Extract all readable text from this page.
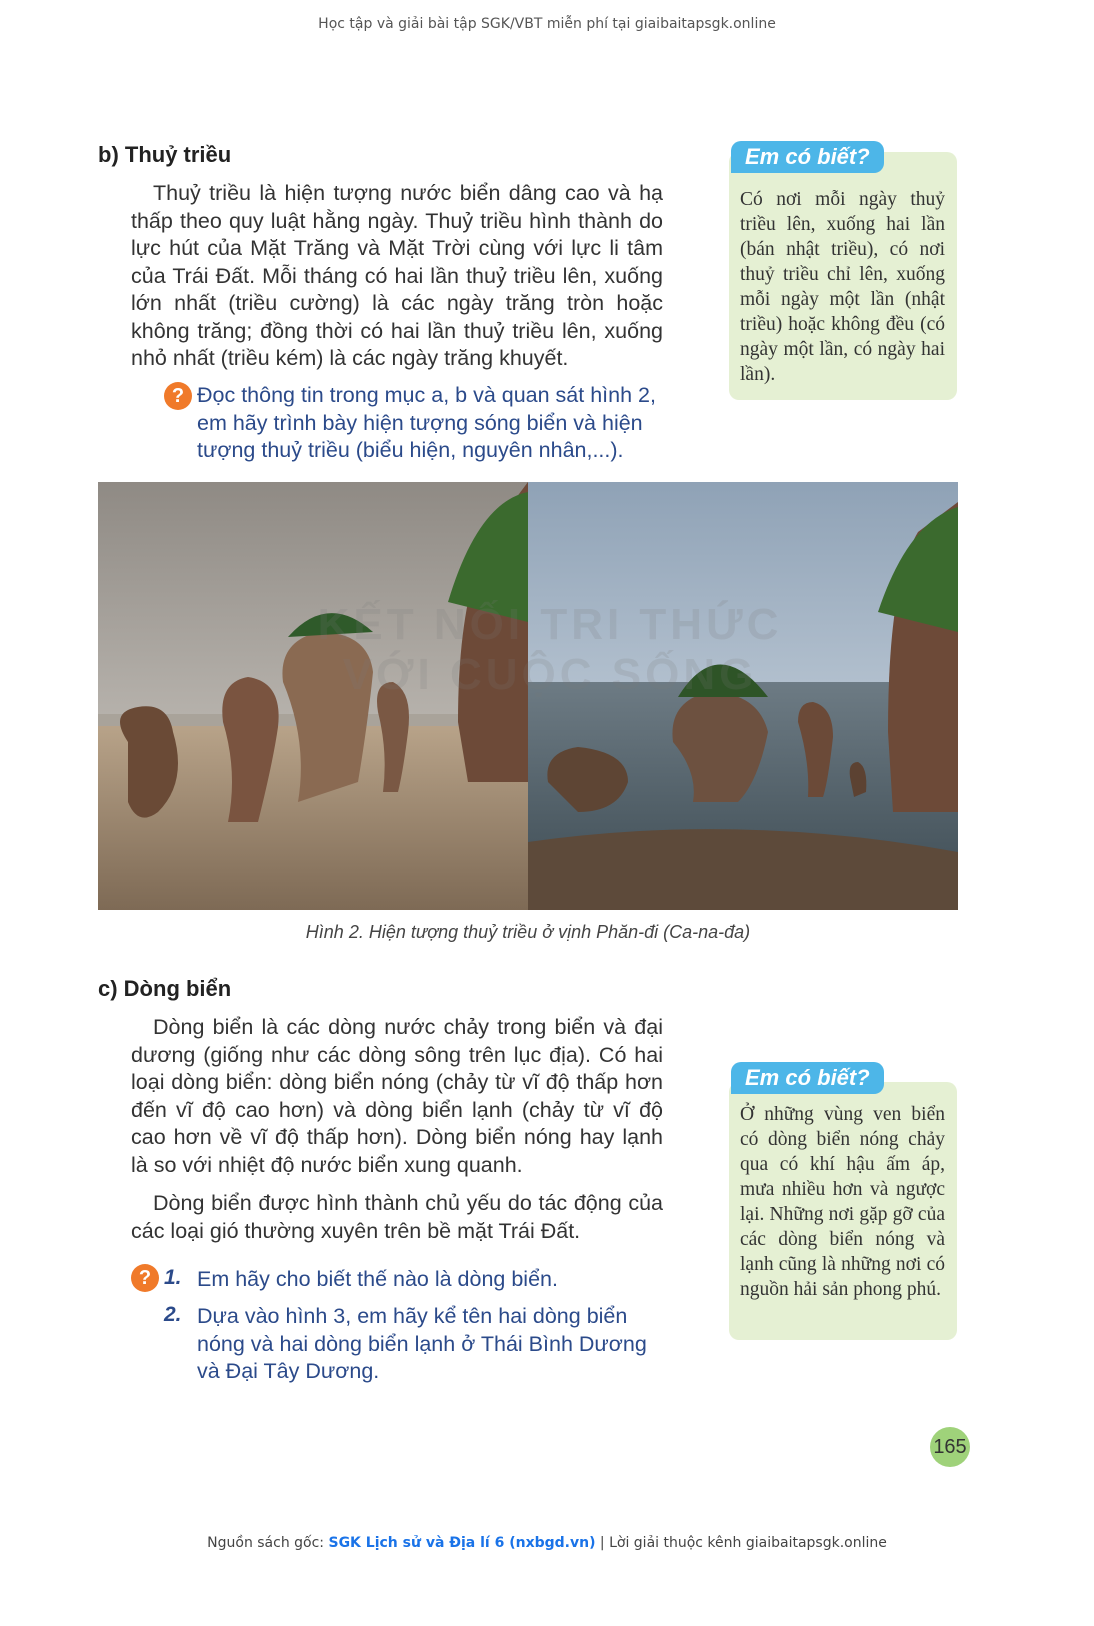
Học tập và giải bài tập SGK/VBT miễn phí tại giaibaitapsgk.online
b) Thuỷ triều

Thuỷ triều là hiện tượng nước biển dâng cao và hạ thấp theo quy luật hằng ngày. Thuỷ triều hình thành do lực hút của Mặt Trăng và Mặt Trời cùng với lực li tâm của Trái Đất. Mỗi tháng có hai lần thuỷ triều lên, xuống lớn nhất (triều cường) là các ngày trăng tròn hoặc không trăng; đồng thời có hai lần thuỷ triều lên, xuống nhỏ nhất (triều kém) là các ngày trăng khuyết.

? Đọc thông tin trong mục a, b và quan sát hình 2, em hãy trình bày hiện tượng sóng biển và hiện tượng thuỷ triều (biểu hiện, nguyên nhân,...).
Em có biết?
Có nơi mỗi ngày thuỷ triều lên, xuống hai lần (bán nhật triều), có nơi thuỷ triều chỉ lên, xuống mỗi ngày một lần (nhật triều) hoặc không đều (có ngày một lần, có ngày hai lần).
KẾT NỐI TRI THỨC
VỚI CUỘC SỐNG
Hình 2. Hiện tượng thuỷ triều ở vịnh Phăn-đi (Ca-na-đa)
c) Dòng biển

Dòng biển là các dòng nước chảy trong biển và đại dương (giống như các dòng sông trên lục địa). Có hai loại dòng biển: dòng biển nóng (chảy từ vĩ độ thấp hơn đến vĩ độ cao hơn) và dòng biển lạnh (chảy từ vĩ độ cao hơn về vĩ độ thấp hơn). Dòng biển nóng hay lạnh là so với nhiệt độ nước biển xung quanh.

Dòng biển được hình thành chủ yếu do tác động của các loại gió thường xuyên trên bề mặt Trái Đất.

? 1. Em hãy cho biết thế nào là dòng biển.
2. Dựa vào hình 3, em hãy kể tên hai dòng biển nóng và hai dòng biển lạnh ở Thái Bình Dương và Đại Tây Dương.
Em có biết?
Ở những vùng ven biển có dòng biển nóng chảy qua có khí hậu ấm áp, mưa nhiều hơn và ngược lại. Những nơi gặp gỡ của các dòng biển nóng và lạnh cũng là những nơi có nguồn hải sản phong phú.
165
Nguồn sách gốc: SGK Lịch sử và Địa lí 6 (nxbgd.vn) | Lời giải thuộc kênh giaibaitapsgk.online
